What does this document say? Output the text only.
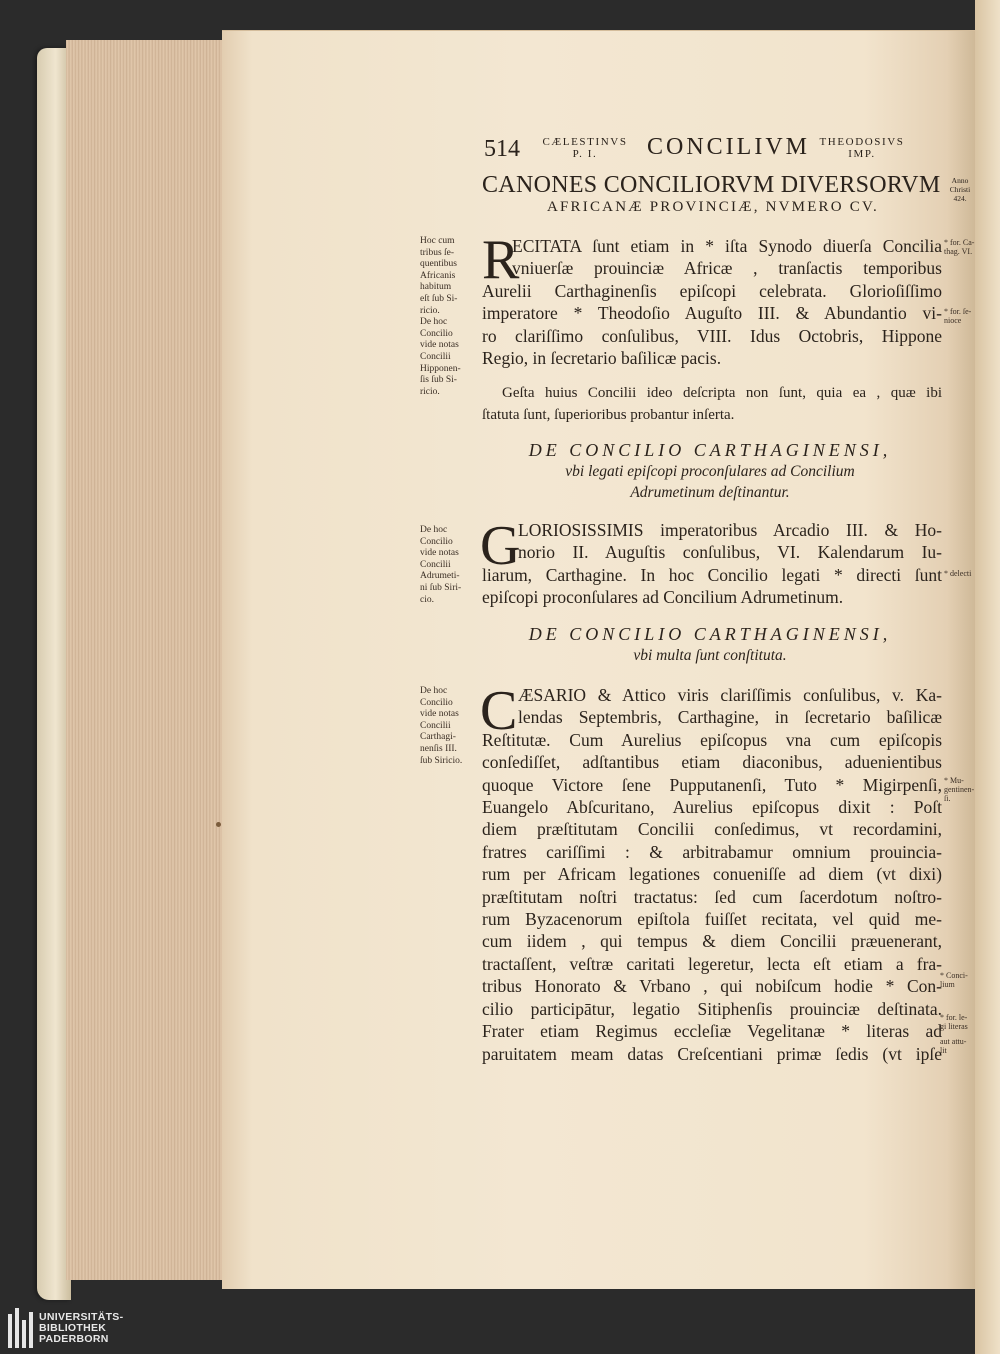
514 CÆLESTINVS
P. I.	CONCILIVM THEODOSIVS
IMP.
CANONES CONCILIORVM DIVERSORVM
AFRICANÆ PROVINCIÆ, NVMERO CV.
Anno
Christi
424.
R
ECITATA ſunt etiam in * iſta Synodo diuerſa Concilia
vniuerſæ prouinciæ Africæ , tranſactis temporibus
Aurelii Carthaginenſis epiſcopi celebrata. Glorioſiſſimo
imperatore * Theodoſio Auguſto III. & Abundantio vi-
ro clariſſimo conſulibus, VIII. Idus Octobris, Hippone
Regio, in ſecretario baſilicæ pacis.
Hoc cum
tribus ſe-
quentibus
Africanis
habitum
eſt ſub Si-
ricio.
De hoc
Concilio
vide notas
Concilii
Hipponen-
ſis ſub Si-
ricio.
* for. Ca-
thag. VI.
* for. ſe-
nioce
Geſta huius Concilii ideo deſcripta non ſunt, quia ea , quæ ibi
ſtatuta ſunt, ſuperioribus probantur inſerta.
DE CONCILIO CARTHAGINENSI,
vbi legati epiſcopi proconſulares ad Concilium
Adrumetinum deſtinantur.
G
LORIOSISSIMIS imperatoribus Arcadio III. & Ho-
norio II. Auguſtis conſulibus, VI. Kalendarum Iu-
liarum, Carthagine. In hoc Concilio legati * directi ſunt
epiſcopi proconſulares ad Concilium Adrumetinum.
De hoc
Concilio
vide notas
Concilii
Adrumeti-
ni ſub Siri-
cio.
* delecti
DE CONCILIO CARTHAGINENSI,
vbi multa ſunt conſtituta.
C ÆSARIO & Attico viris clariſſimis conſulibus, v. Ka-
lendas Septembris, Carthagine, in ſecretario baſilicæ
Reſtitutæ. Cum Aurelius epiſcopus vna cum epiſcopis
conſediſſet, adſtantibus etiam diaconibus, aduenientibus
quoque Victore ſene Pupputanenſi, Tuto * Migirpenſi,
Euangelo Abſcuritano, Aurelius epiſcopus dixit : Poſt
diem præſtitutam Concilii conſedimus, vt recordamini,
fratres cariſſimi : & arbitrabamur omnium prouincia-
rum per Africam legationes conueniſſe ad diem (vt dixi)
præſtitutam noſtri tractatus: ſed cum ſacerdotum noſtro-
rum Byzacenorum epiſtola fuiſſet recitata, vel quid me-
cum iidem , qui tempus & diem Concilii præuenerant,
tractaſſent, veſtræ caritati legeretur, lecta eſt etiam a fra-
tribus Honorato & Vrbano , qui nobiſcum hodie * Con-
cilio participātur, legatio Sitiphenſis prouinciæ deſtinata.
Frater etiam Regimus eccleſiæ Vegelitanæ * literas ad
paruitatem meam datas Creſcentiani primæ ſedis (vt ipſe
De hoc
Concilio
vide notas
Concilii
Carthagi-
nenſis III.
ſub Siricio.
* Mu-
gentinen-
ſi.
* Conci-
lium
* for. le-
gi literas
aut attu-
lit
UNIVERSITÄTS-
BIBLIOTHEK
PADERBORN
